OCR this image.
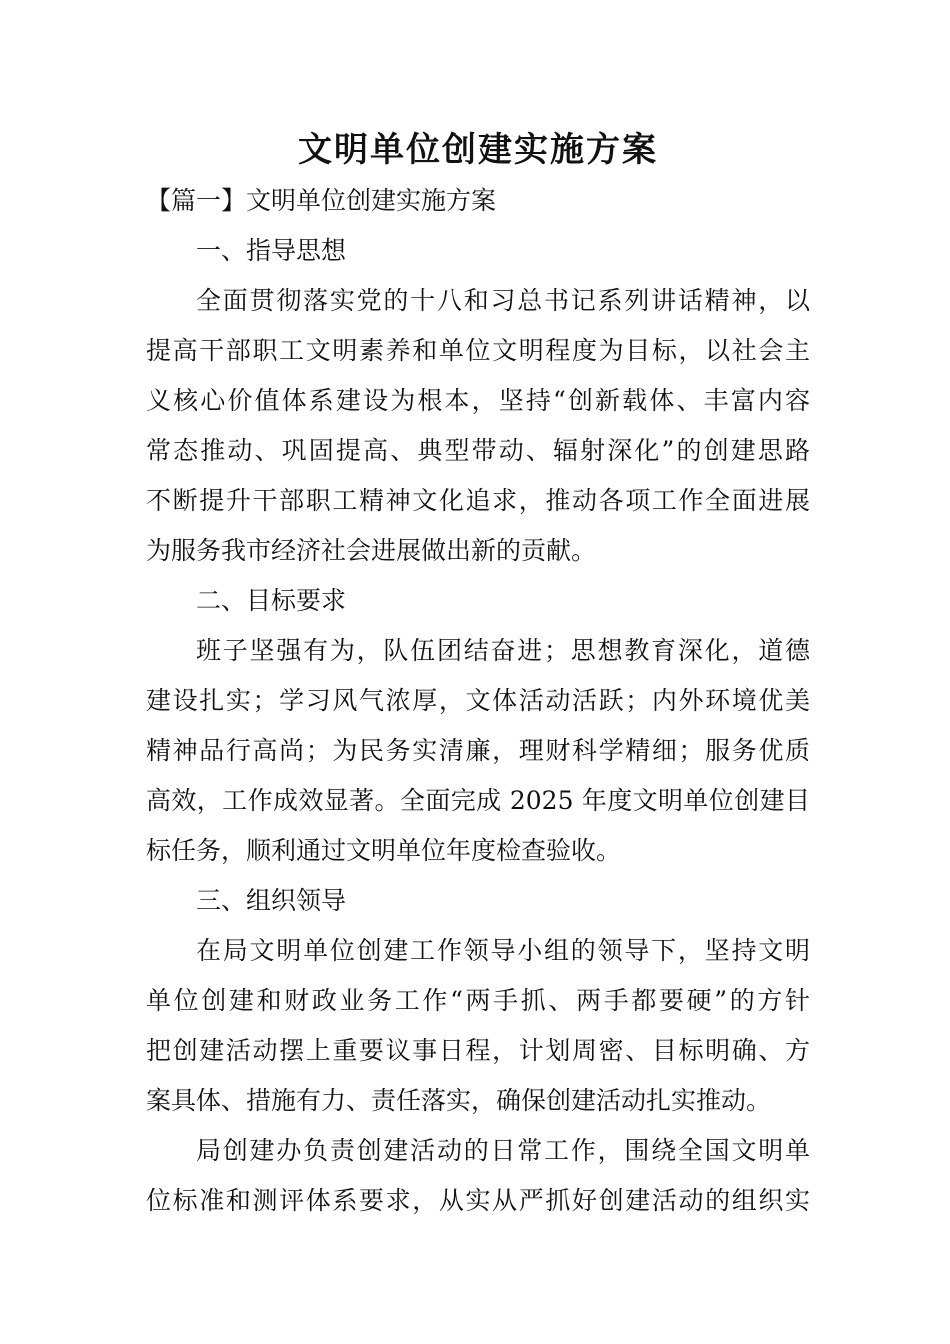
文明单位创建实施方案
【篇一】文明单位创建实施方案
一、指导思想
全面贯彻落实党的十八和习总书记系列讲话精神，以
提高干部职工文明素养和单位文明程度为目标，以社会主
义核心价值体系建设为根本，坚持“创新载体、丰富内容
常态推动、巩固提高、典型带动、辐射深化”的创建思路
不断提升干部职工精神文化追求，推动各项工作全面进展
为服务我市经济社会进展做出新的贡献。
二、目标要求
班子坚强有为，队伍团结奋进；思想教育深化，道德
建设扎实；学习风气浓厚，文体活动活跃；内外环境优美
精神品行高尚；为民务实清廉，理财科学精细；服务优质
高效，工作成效显著。全面完成 2025 年度文明单位创建目
标任务，顺利通过文明单位年度检查验收。
三、组织领导
在局文明单位创建工作领导小组的领导下，坚持文明
单位创建和财政业务工作“两手抓、两手都要硬”的方针
把创建活动摆上重要议事日程，计划周密、目标明确、方
案具体、措施有力、责任落实，确保创建活动扎实推动。
局创建办负责创建活动的日常工作，围绕全国文明单
位标准和测评体系要求，从实从严抓好创建活动的组织实
